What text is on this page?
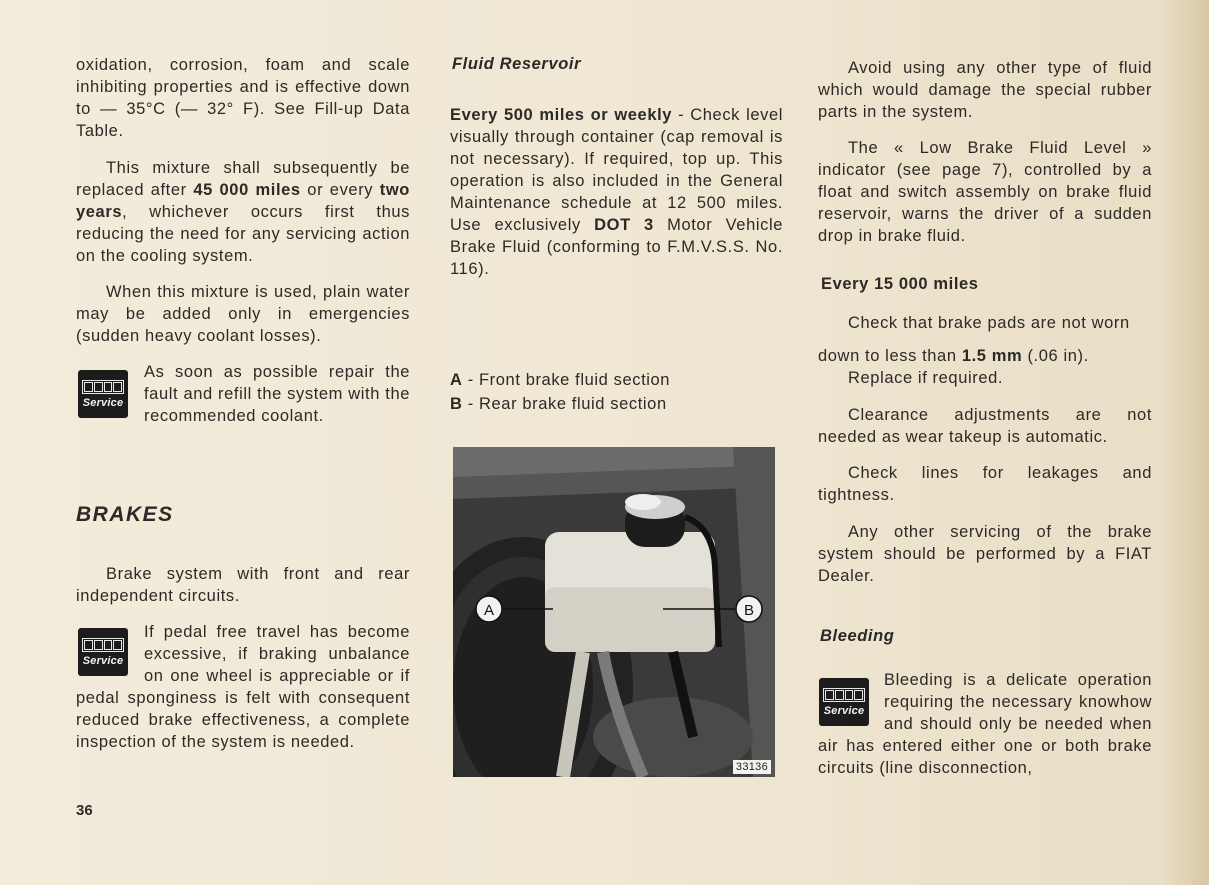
oxidation, corrosion, foam and scale inhibiting properties and is effective down to — 35°C (— 32° F). See Fill-up Data Table.

This mixture shall subsequently be replaced after 45 000 miles or every two years, whichever occurs first thus reducing the need for any servicing action on the cooling system.

When this mixture is used, plain water may be added only in emergencies (sudden heavy coolant losses).

Service

As soon as possible repair the fault and refill the system with the recommended coolant.

BRAKES

Brake system with front and rear independent circuits.

Service

If pedal free travel has become excessive, if braking unbalance on one wheel is appreciable or if pedal sponginess is felt with consequent reduced brake effectiveness, a complete inspection of the system is needed.

Fluid Reservoir

Every 500 miles or weekly - Check level visually through container (cap removal is not necessary). If required, top up. This operation is also included in the General Maintenance schedule at 12 500 miles. Use exclusively DOT 3 Motor Vehicle Brake Fluid (conforming to F.M.V.S.S. No. 116).

A - Front brake fluid section
B - Rear brake fluid section
A	B
33136

Avoid using any other type of fluid which would damage the special rubber parts in the system.

The « Low Brake Fluid Level » indicator (see page 7), controlled by a float and switch assembly on brake fluid reservoir, warns the driver of a sudden drop in brake fluid.

Every 15 000 miles

Check that brake pads are not worn

down to less than 1.5 mm (.06 in).
Replace if required.

Clearance adjustments are not needed as wear takeup is automatic.

Check lines for leakages and tightness.

Any other servicing of the brake system should be performed by a FIAT Dealer.

Bleeding
Service

Bleeding is a delicate operation requiring the necessary knowhow and should only be needed when air has entered either one or both brake circuits (line disconnection,

36
